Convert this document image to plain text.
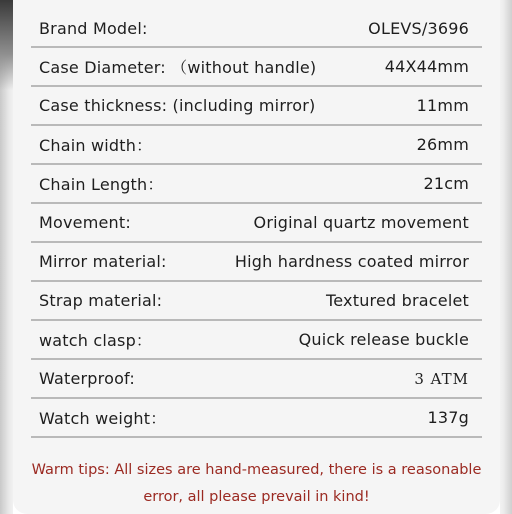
Brand Model:	OLEVS/3696
Case Diameter: （without handle)	44X44mm
Case thickness: (including mirror)	11mm
Chain width：	26mm
Chain Length：	21cm
Movement:	Original quartz movement
Mirror material:	High hardness coated mirror
Strap material:	Textured bracelet
watch clasp：	Quick release buckle
Waterproof:	3 ATM
Watch weight：	137g
Warm tips: All sizes are hand-measured, there is a reasonable
error, all please prevail in kind!
